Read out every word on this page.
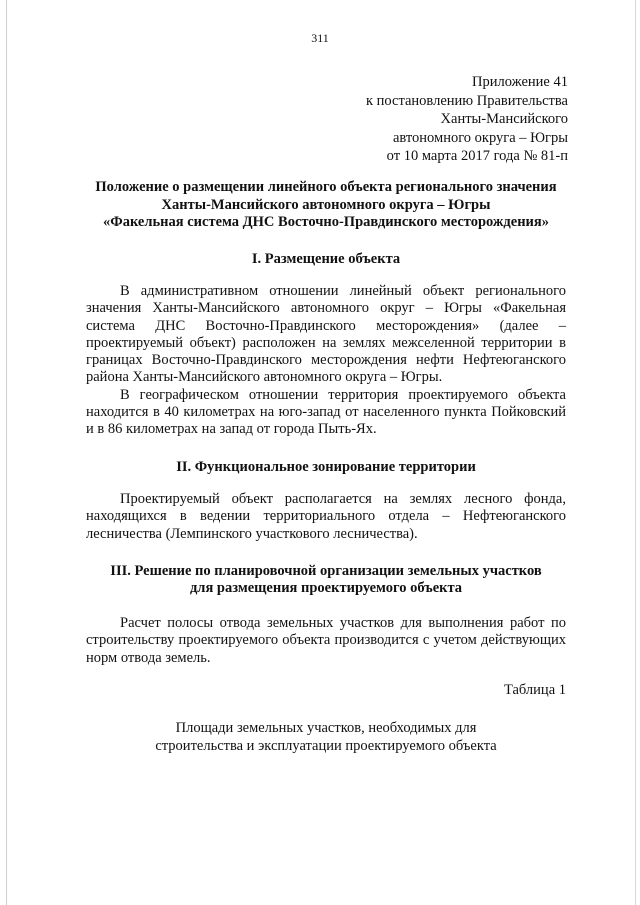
311
Приложение 41
к постановлению Правительства
Ханты-Мансийского
автономного округа – Югры
от 10 марта 2017 года № 81-п
Положение о размещении линейного объекта регионального значения
Ханты-Мансийского автономного округа – Югры
«Факельная система ДНС Восточно-Правдинского месторождения»
I. Размещение объекта

В административном отношении линейный объект регионального значения Ханты-Мансийского автономного округ – Югры «Факельная система ДНС Восточно-Правдинского месторождения» (далее – проектируемый объект) расположен на землях межселенной территории в границах Восточно-Правдинского месторождения нефти Нефтеюганского района Ханты-Мансийского автономного округа – Югры.

В географическом отношении территория проектируемого объекта находится в 40 километрах на юго-запад от населенного пункта Пойковский и в 86 километрах на запад от города Пыть-Ях.

II. Функциональное зонирование территории

Проектируемый объект располагается на землях лесного фонда, находящихся в ведении территориального отдела – Нефтеюганского лесничества (Лемпинского участкового лесничества).

III. Решение по планировочной организации земельных участков
для размещения проектируемого объекта

Расчет полосы отвода земельных участков для выполнения работ по строительству проектируемого объекта производится с учетом действующих норм отвода земель.

Таблица 1
Площади земельных участков, необходимых для
строительства и эксплуатации проектируемого объекта
